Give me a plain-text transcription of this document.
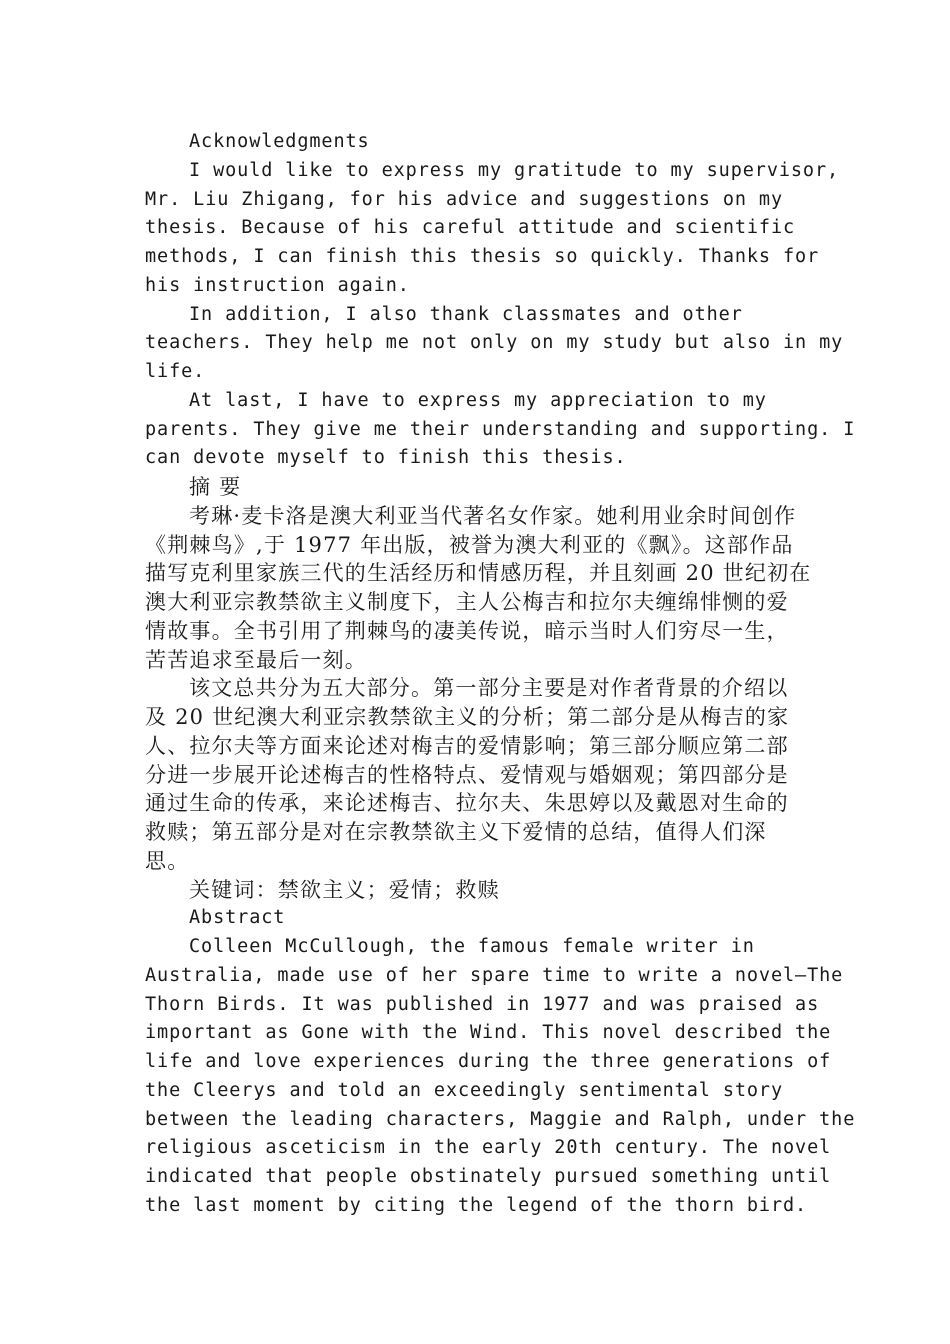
Acknowledgments
I would like to express my gratitude to my supervisor,
Mr. Liu Zhigang, for his advice and suggestions on my
thesis. Because of his careful attitude and scientific
methods, I can finish this thesis so quickly. Thanks for
his instruction again.
In addition, I also thank classmates and other
teachers. They help me not only on my study but also in my
life.
At last, I have to express my appreciation to my
parents. They give me their understanding and supporting. I
can devote myself to finish this thesis.
摘 要
考琳·麦卡洛是澳大利亚当代著名女作家。她利用业余时间创作
《荆棘鸟》,于 1977 年出版，被誉为澳大利亚的《飘》。这部作品
描写克利里家族三代的生活经历和情感历程，并且刻画 20 世纪初在
澳大利亚宗教禁欲主义制度下，主人公梅吉和拉尔夫缠绵悱恻的爱
情故事。全书引用了荆棘鸟的凄美传说，暗示当时人们穷尽一生，
苦苦追求至最后一刻。
该文总共分为五大部分。第一部分主要是对作者背景的介绍以
及 20 世纪澳大利亚宗教禁欲主义的分析；第二部分是从梅吉的家
人、拉尔夫等方面来论述对梅吉的爱情影响；第三部分顺应第二部
分进一步展开论述梅吉的性格特点、爱情观与婚姻观；第四部分是
通过生命的传承，来论述梅吉、拉尔夫、朱思婷以及戴恩对生命的
救赎；第五部分是对在宗教禁欲主义下爱情的总结，值得人们深
思。
关键词：禁欲主义；爱情；救赎
Abstract
Colleen McCullough, the famous female writer in
Australia, made use of her spare time to write a novel—The
Thorn Birds. It was published in 1977 and was praised as
important as Gone with the Wind. This novel described the
life and love experiences during the three generations of
the Cleerys and told an exceedingly sentimental story
between the leading characters, Maggie and Ralph, under the
religious asceticism in the early 20th century. The novel
indicated that people obstinately pursued something until
the last moment by citing the legend of the thorn bird.
